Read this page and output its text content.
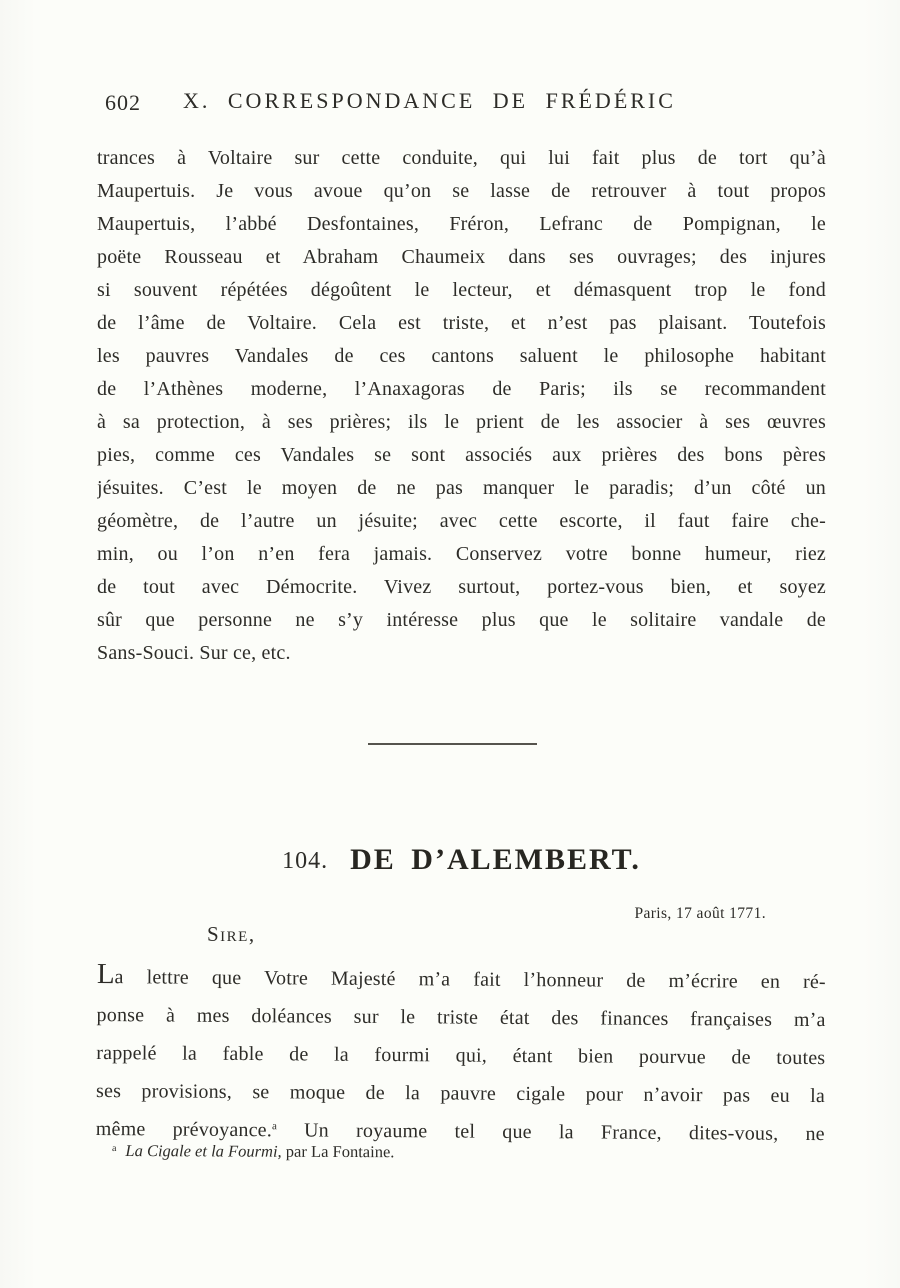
602 X. CORRESPONDANCE DE FRÉDÉRIC
trances à Voltaire sur cette conduite, qui lui fait plus de tort qu’à
Maupertuis. Je vous avoue qu’on se lasse de retrouver à tout propos
Maupertuis, l’abbé Desfontaines, Fréron, Lefranc de Pompignan, le
poëte Rousseau et Abraham Chaumeix dans ses ouvrages; des injures
si souvent répétées dégoûtent le lecteur, et démasquent trop le fond
de l’âme de Voltaire. Cela est triste, et n’est pas plaisant. Toutefois
les pauvres Vandales de ces cantons saluent le philosophe habitant
de l’Athènes moderne, l’Anaxagoras de Paris; ils se recommandent
à sa protection, à ses prières; ils le prient de les associer à ses œuvres
pies, comme ces Vandales se sont associés aux prières des bons pères
jésuites. C’est le moyen de ne pas manquer le paradis; d’un côté un
géomètre, de l’autre un jésuite; avec cette escorte, il faut faire che-
min, ou l’on n’en fera jamais. Conservez votre bonne humeur, riez
de tout avec Démocrite. Vivez surtout, portez-vous bien, et soyez
sûr que personne ne s’y intéresse plus que le solitaire vandale de
Sans-Souci. Sur ce, etc.
104. DE D’ALEMBERT.
Paris, 17 août 1771.
Sire,
La lettre que Votre Majesté m’a fait l’honneur de m’écrire en ré-
ponse à mes doléances sur le triste état des finances françaises m’a
rappelé la fable de la fourmi qui, étant bien pourvue de toutes
ses provisions, se moque de la pauvre cigale pour n’avoir pas eu la
même prévoyance.$^a$ Un royaume tel que la France, dites-vous, ne
$^a$ La Cigale et la Fourmi, par La Fontaine.
